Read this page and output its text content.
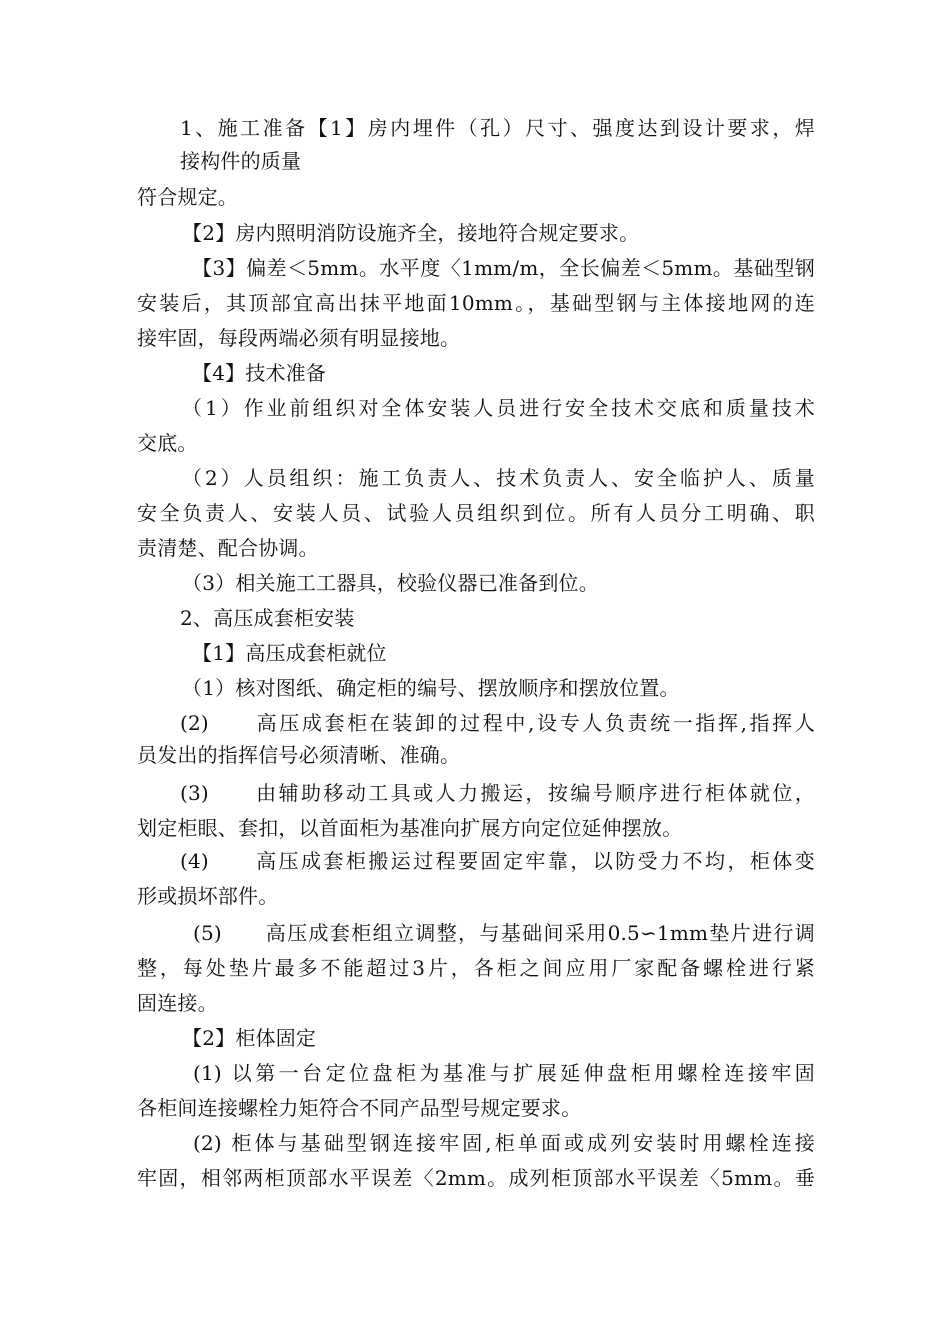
1、施工准备【1】房内埋件（孔）尺寸、强度达到设计要求，焊
接构件的质量
符合规定。
【2】房内照明消防设施齐全，接地符合规定要求。
【3】偏差＜5mm。水平度〈1mm/m，全长偏差＜5mm。基础型钢
安装后，其顶部宜高出抹平地面10mm。，基础型钢与主体接地网的连
接牢固，每段两端必须有明显接地。
【4】技术准备
（1）作业前组织对全体安装人员进行安全技术交底和质量技术
交底。
（2）人员组织：施工负责人、技术负责人、安全临护人、质量
安全负责人、安装人员、试验人员组织到位。所有人员分工明确、职
责清楚、配合协调。
（3）相关施工工器具，校验仪器已准备到位。
2、高压成套柜安装
【1】高压成套柜就位
（1）核对图纸、确定柜的编号、摆放顺序和摆放位置。
(2)　　高压成套柜在装卸的过程中,设专人负责统一指挥,指挥人
员发出的指挥信号必须清晰、准确。
(3)　　由辅助移动工具或人力搬运，按编号顺序进行柜体就位，
划定柜眼、套扣，以首面柜为基准向扩展方向定位延伸摆放。
(4)　　高压成套柜搬运过程要固定牢靠，以防受力不均，柜体变
形或损坏部件。
(5)　　高压成套柜组立调整，与基础间采用0.5∽1mm垫片进行调
整，每处垫片最多不能超过3片，各柜之间应用厂家配备螺栓进行紧
固连接。
【2】柜体固定
(1) 以第一台定位盘柜为基准与扩展延伸盘柜用螺栓连接牢固
各柜间连接螺栓力矩符合不同产品型号规定要求。
(2) 柜体与基础型钢连接牢固,柜单面或成列安装时用螺栓连接
牢固，相邻两柜顶部水平误差〈2mm。成列柜顶部水平误差〈5mm。垂
